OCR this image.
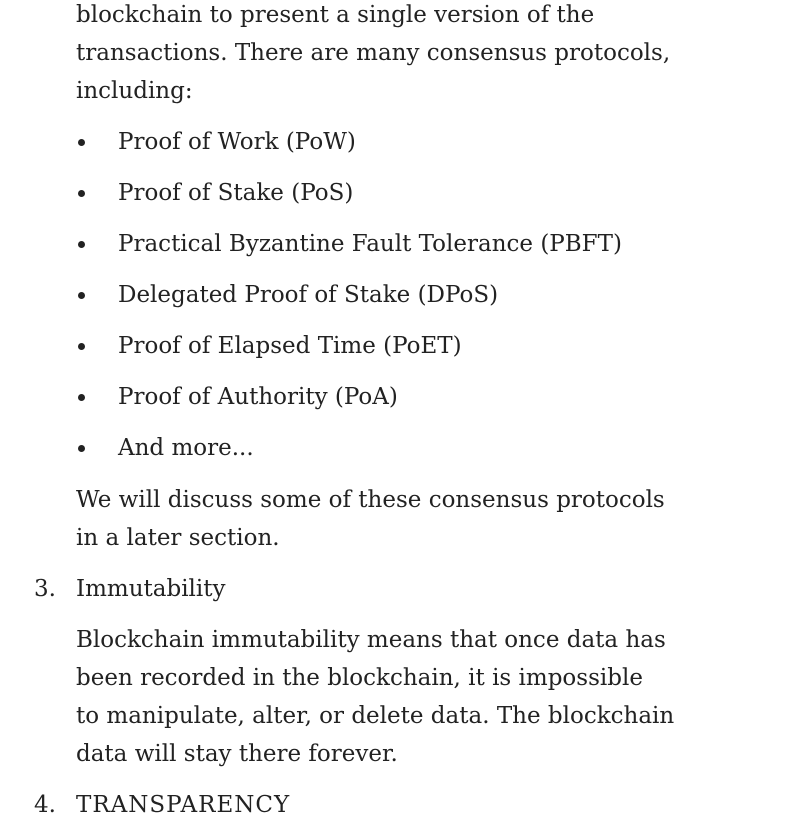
blockchain to present a single version of the
transactions. There are many consensus protocols,
including:
Proof of Work (PoW)
Proof of Stake (PoS)
Practical Byzantine Fault Tolerance (PBFT)
Delegated Proof of Stake (DPoS)
Proof of Elapsed Time (PoET)
Proof of Authority (PoA)
And more...
We will discuss some of these consensus protocols
in a later section.
3. Immutability
Blockchain immutability means that once data has
been recorded in the blockchain, it is impossible
to manipulate, alter, or delete data. The blockchain
data will stay there forever.
4. TRANSPARENCY
